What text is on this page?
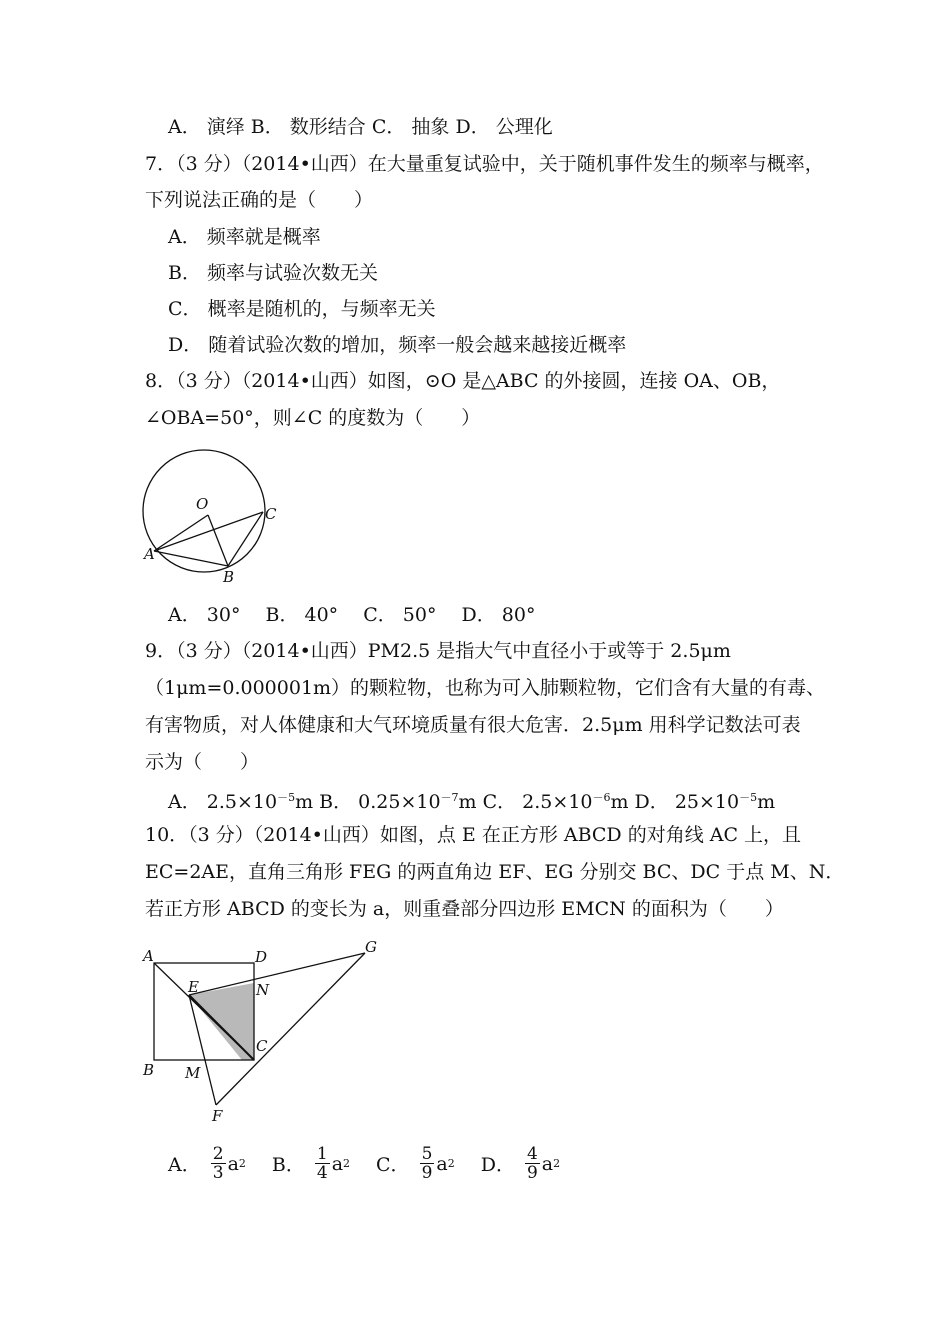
A． 演绎 B． 数形结合 C． 抽象 D． 公理化
7．（3 分）（2014•山西）在大量重复试验中，关于随机事件发生的频率与概率，
下列说法正确的是（　　）
A． 频率就是概率
B． 频率与试验次数无关
C． 概率是随机的，与频率无关
D． 随着试验次数的增加，频率一般会越来越接近概率
8．（3 分）（2014•山西）如图，⊙O 是△ABC 的外接圆，连接 OA、OB，
∠OBA=50°，则∠C 的度数为（　　）
O
A
B
C
A． 30°　 B． 40°　 C． 50°　 D． 80°
9．（3 分）（2014•山西）PM2.5 是指大气中直径小于或等于 2.5μm
（1μm=0.000001m）的颗粒物，也称为可入肺颗粒物，它们含有大量的有毒、
有害物质，对人体健康和大气环境质量有很大危害．2.5μm 用科学记数法可表
示为（　　）
A． $2.5\times 10^{-5}m$ B． $0.25\times 10^{-7}m$ C． $2.5\times 10^{-6}m$ D． $25\times 10^{-5}m$
10．（3 分）（2014•山西）如图，点 E 在正方形 ABCD 的对角线 AC 上，且
EC=2AE，直角三角形 FEG 的两直角边 EF、EG 分别交 BC、DC 于点 M、N．
若正方形 ABCD 的变长为 a，则重叠部分四边形 EMCN 的面积为（　　）
A	D
G
E	N
C
B M
F
A． $\frac{2}{3}$ a 2 B． $\frac{1}{4}$ a 2 C． $\frac{5}{9}$ a 2 D． $\frac{4}{9}$ a 2
